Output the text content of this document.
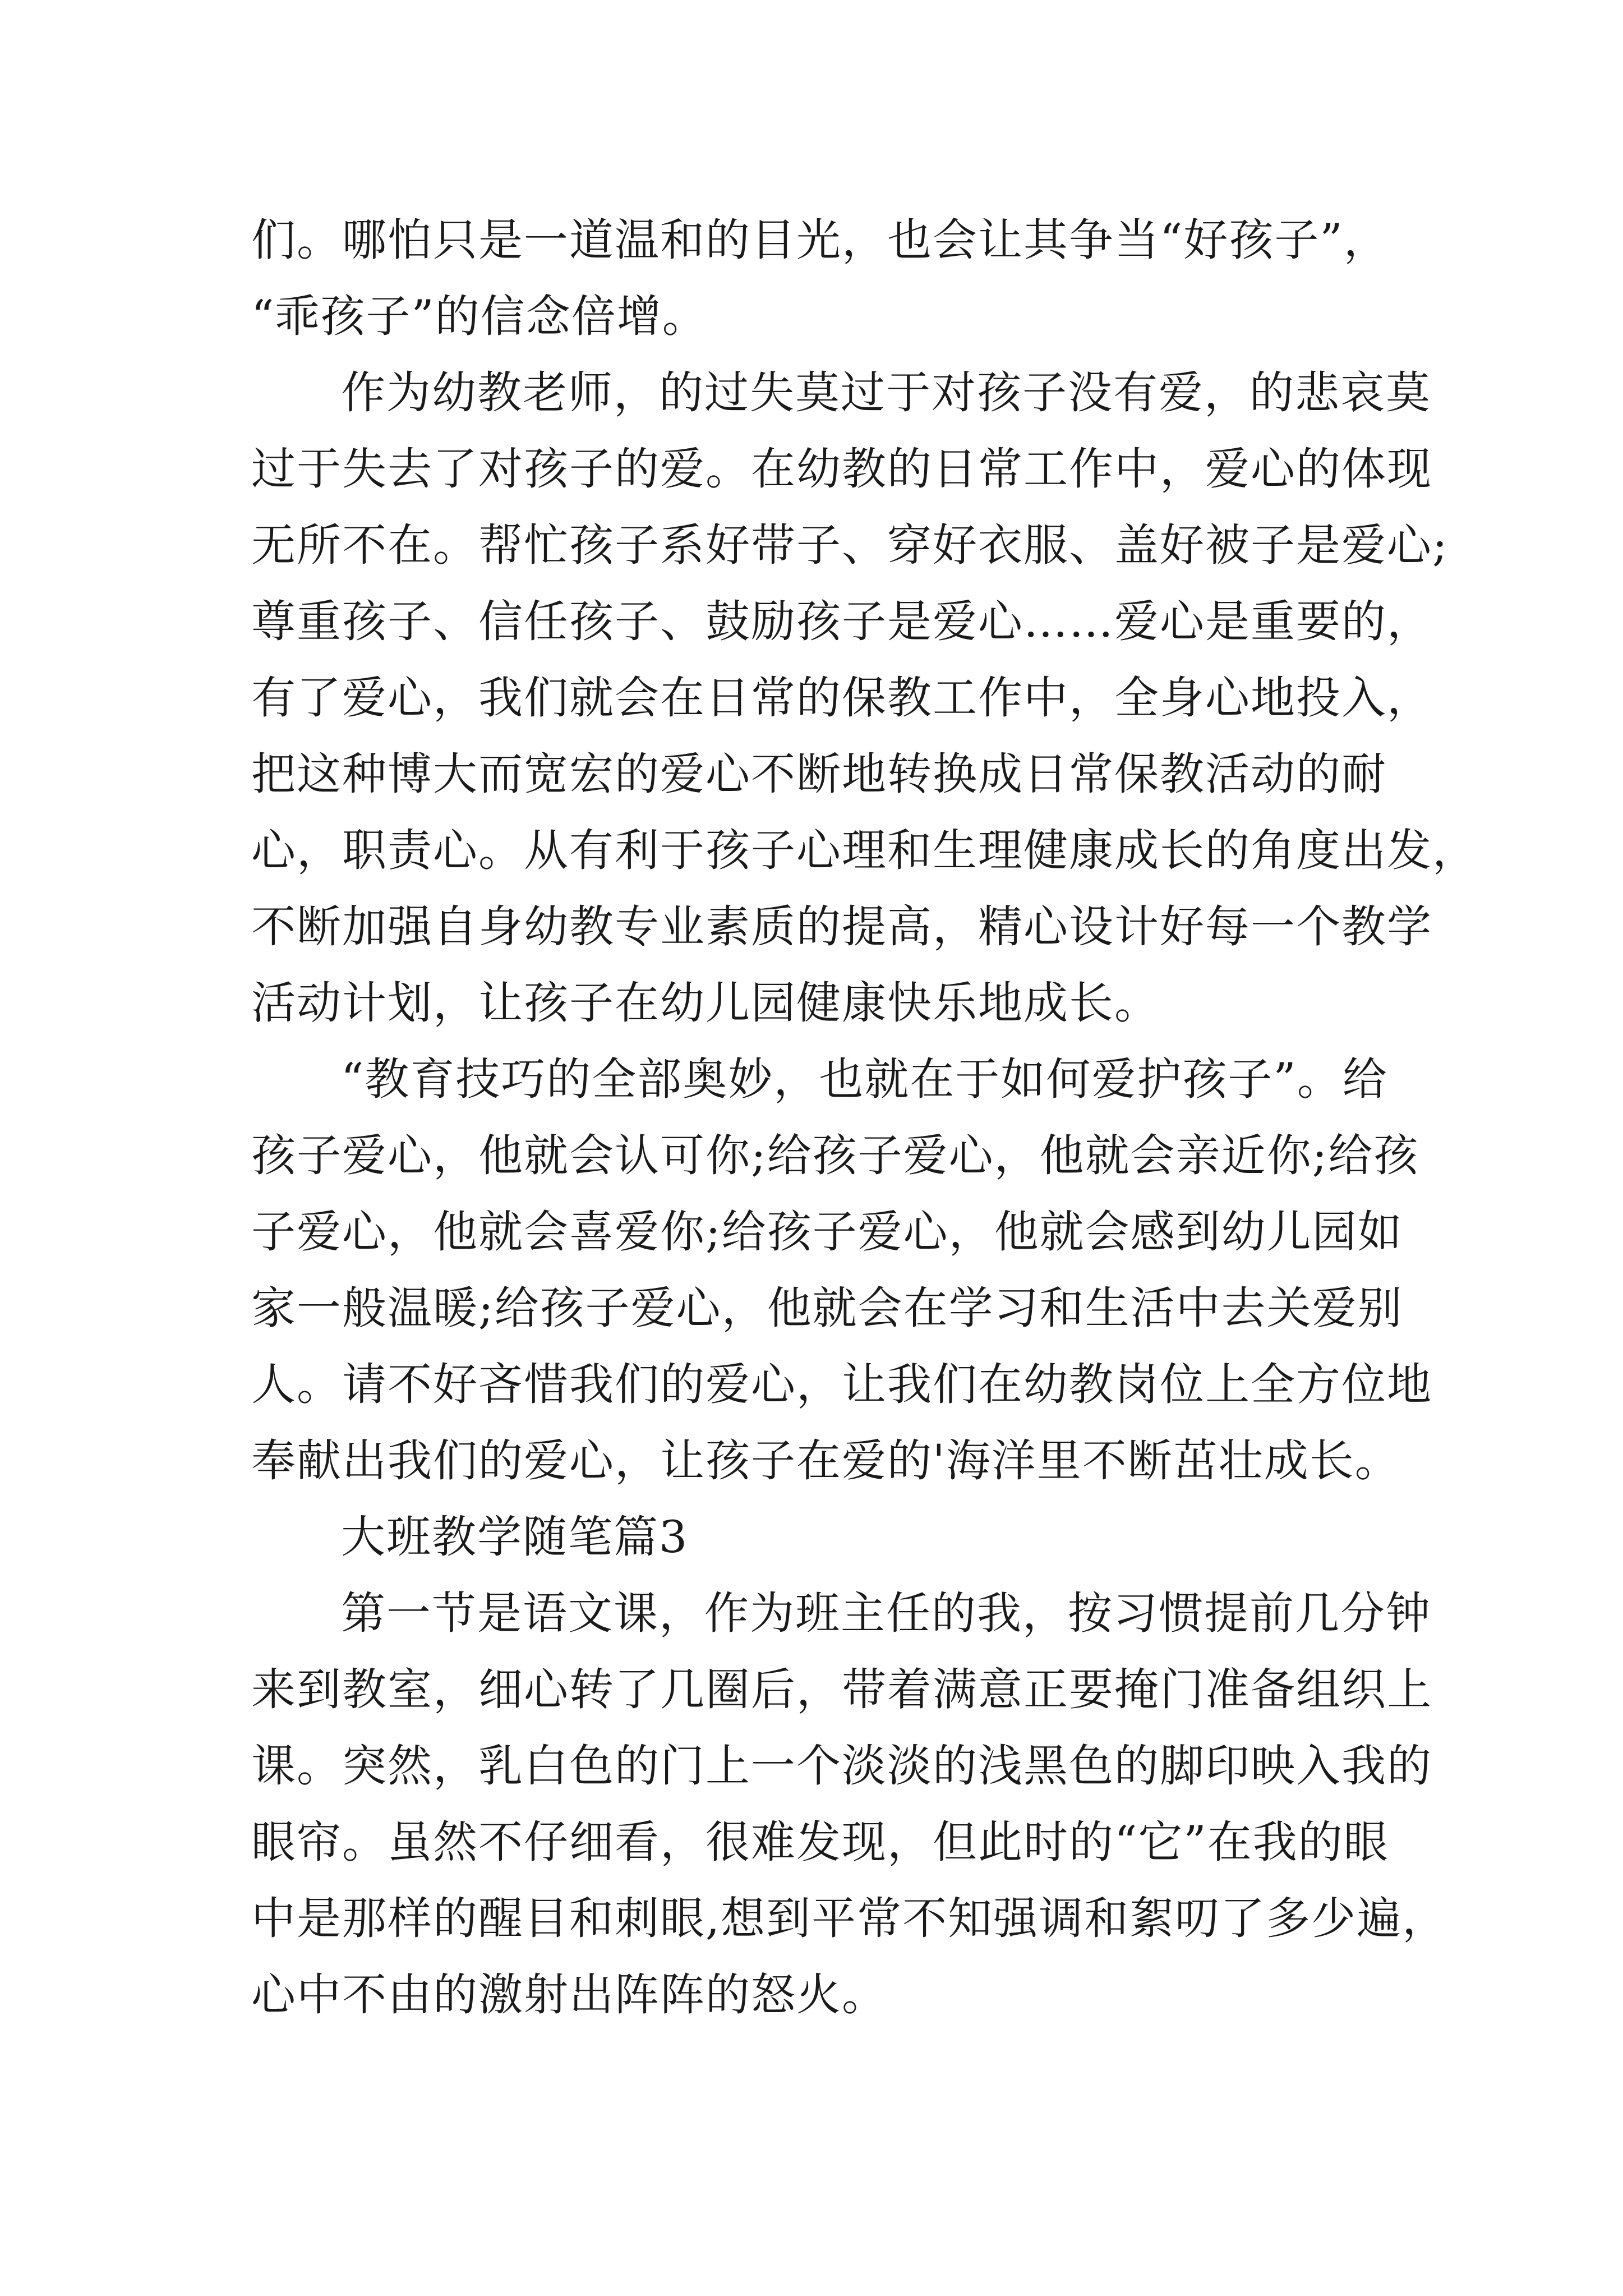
们。哪怕只是一道温和的目光，也会让其争当“好孩子”，
“乖孩子”的信念倍增。
作为幼教老师，的过失莫过于对孩子没有爱，的悲哀莫
过于失去了对孩子的爱。在幼教的日常工作中，爱心的体现
无所不在。帮忙孩子系好带子、穿好衣服、盖好被子是爱心;
尊重孩子、信任孩子、鼓励孩子是爱心……爱心是重要的，
有了爱心，我们就会在日常的保教工作中，全身心地投入，
把这种博大而宽宏的爱心不断地转换成日常保教活动的耐
心，职责心。从有利于孩子心理和生理健康成长的角度出发，
不断加强自身幼教专业素质的提高，精心设计好每一个教学
活动计划，让孩子在幼儿园健康快乐地成长。
“教育技巧的全部奥妙，也就在于如何爱护孩子”。给
孩子爱心，他就会认可你;给孩子爱心，他就会亲近你;给孩
子爱心，他就会喜爱你;给孩子爱心，他就会感到幼儿园如
家一般温暖;给孩子爱心，他就会在学习和生活中去关爱别
人。请不好吝惜我们的爱心，让我们在幼教岗位上全方位地
奉献出我们的爱心，让孩子在爱的'海洋里不断茁壮成长。
大班教学随笔篇3
第一节是语文课，作为班主任的我，按习惯提前几分钟
来到教室，细心转了几圈后，带着满意正要掩门准备组织上
课。突然，乳白色的门上一个淡淡的浅黑色的脚印映入我的
眼帘。虽然不仔细看，很难发现，但此时的“它”在我的眼
中是那样的醒目和刺眼,想到平常不知强调和絮叨了多少遍，
心中不由的激射出阵阵的怒火。
